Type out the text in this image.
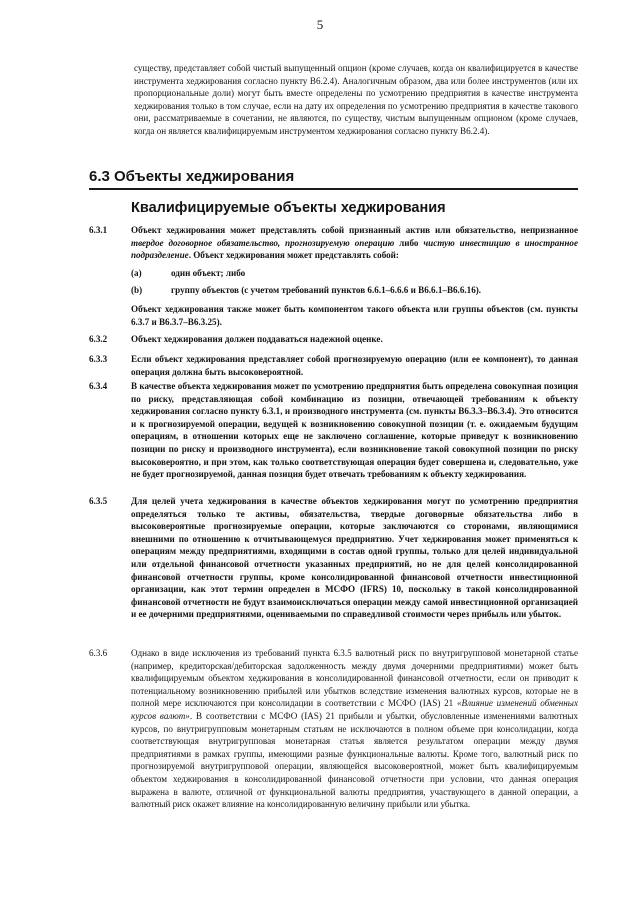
5
существу, представляет собой чистый выпущенный опцион (кроме случаев, когда он квалифицируется в качестве инструмента хеджирования согласно пункту B6.2.4). Аналогичным образом, два или более инструментов (или их пропорциональные доли) могут быть вместе определены по усмотрению предприятия в качестве инструмента хеджирования только в том случае, если на дату их определения по усмотрению предприятия в качестве такового они, рассматриваемые в сочетании, не являются, по существу, чистым выпущенным опционом (кроме случаев, когда он является квалифицируемым инструментом хеджирования согласно пункту B6.2.4).
6.3 Объекты хеджирования
Квалифицируемые объекты хеджирования
6.3.1	Объект хеджирования может представлять собой признанный актив или обязательство, непризнанное твердое договорное обязательство, прогнозируемую операцию либо чистую инвестицию в иностранное подразделение. Объект хеджирования может представлять собой:
(a)	один объект; либо
(b)	группу объектов (с учетом требований пунктов 6.6.1–6.6.6 и B6.6.1–B6.6.16).
Объект хеджирования также может быть компонентом такого объекта или группы объектов (см. пункты 6.3.7 и B6.3.7–B6.3.25).
6.3.2	Объект хеджирования должен поддаваться надежной оценке.
6.3.3	Если объект хеджирования представляет собой прогнозируемую операцию (или ее компонент), то данная операция должна быть высоковероятной.
6.3.4	В качестве объекта хеджирования может по усмотрению предприятия быть определена совокупная позиция по риску, представляющая собой комбинацию из позиции, отвечающей требованиям к объекту хеджирования согласно пункту 6.3.1, и производного инструмента (см. пункты B6.3.3–B6.3.4). Это относится и к прогнозируемой операции, ведущей к возникновению совокупной позиции (т. е. ожидаемым будущим операциям, в отношении которых еще не заключено соглашение, которые приведут к возникновению позиции по риску и производного инструмента), если возникновение такой совокупной позиции по риску высоковероятно, и при этом, как только соответствующая операция будет совершена и, следовательно, уже не будет прогнозируемой, данная позиция будет отвечать требованиям к объекту хеджирования.
6.3.5	Для целей учета хеджирования в качестве объектов хеджирования могут по усмотрению предприятия определяться только те активы, обязательства, твердые договорные обязательства либо в высоковероятные прогнозируемые операции, которые заключаются со сторонами, являющимися внешними по отношению к отчитывающемуся предприятию. Учет хеджирования может применяться к операциям между предприятиями, входящими в состав одной группы, только для целей индивидуальной или отдельной финансовой отчетности указанных предприятий, но не для целей консолидированной финансовой отчетности группы, кроме консолидированной финансовой отчетности инвестиционной организации, как этот термин определен в МСФО (IFRS) 10, поскольку в такой консолидированной финансовой отчетности не будут взаимоисключаться операции между самой инвестиционной организацией и ее дочерними предприятиями, оцениваемыми по справедливой стоимости через прибыль или убыток.
6.3.6	Однако в виде исключения из требований пункта 6.3.5 валютный риск по внутригрупповой монетарной статье (например, кредиторская/дебиторская задолженность между двумя дочерними предприятиями) может быть квалифицируемым объектом хеджирования в консолидированной финансовой отчетности, если он приводит к потенциальному возникновению прибылей или убытков вследствие изменения валютных курсов, которые не в полной мере исключаются при консолидации в соответствии с МСФО (IAS) 21 «Влияние изменений обменных курсов валют». В соответствии с МСФО (IAS) 21 прибыли и убытки, обусловленные изменениями валютных курсов, по внутригрупповым монетарным статьям не исключаются в полном объеме при консолидации, когда соответствующая внутригрупповая монетарная статья является результатом операции между двумя предприятиями в рамках группы, имеющими разные функциональные валюты. Кроме того, валютный риск по прогнозируемой внутригрупповой операции, являющейся высоковероятной, может быть квалифицируемым объектом хеджирования в консолидированной финансовой отчетности при условии, что данная операция выражена в валюте, отличной от функциональной валюты предприятия, участвующего в данной операции, а валютный риск окажет влияние на консолидированную величину прибыли или убытка.
